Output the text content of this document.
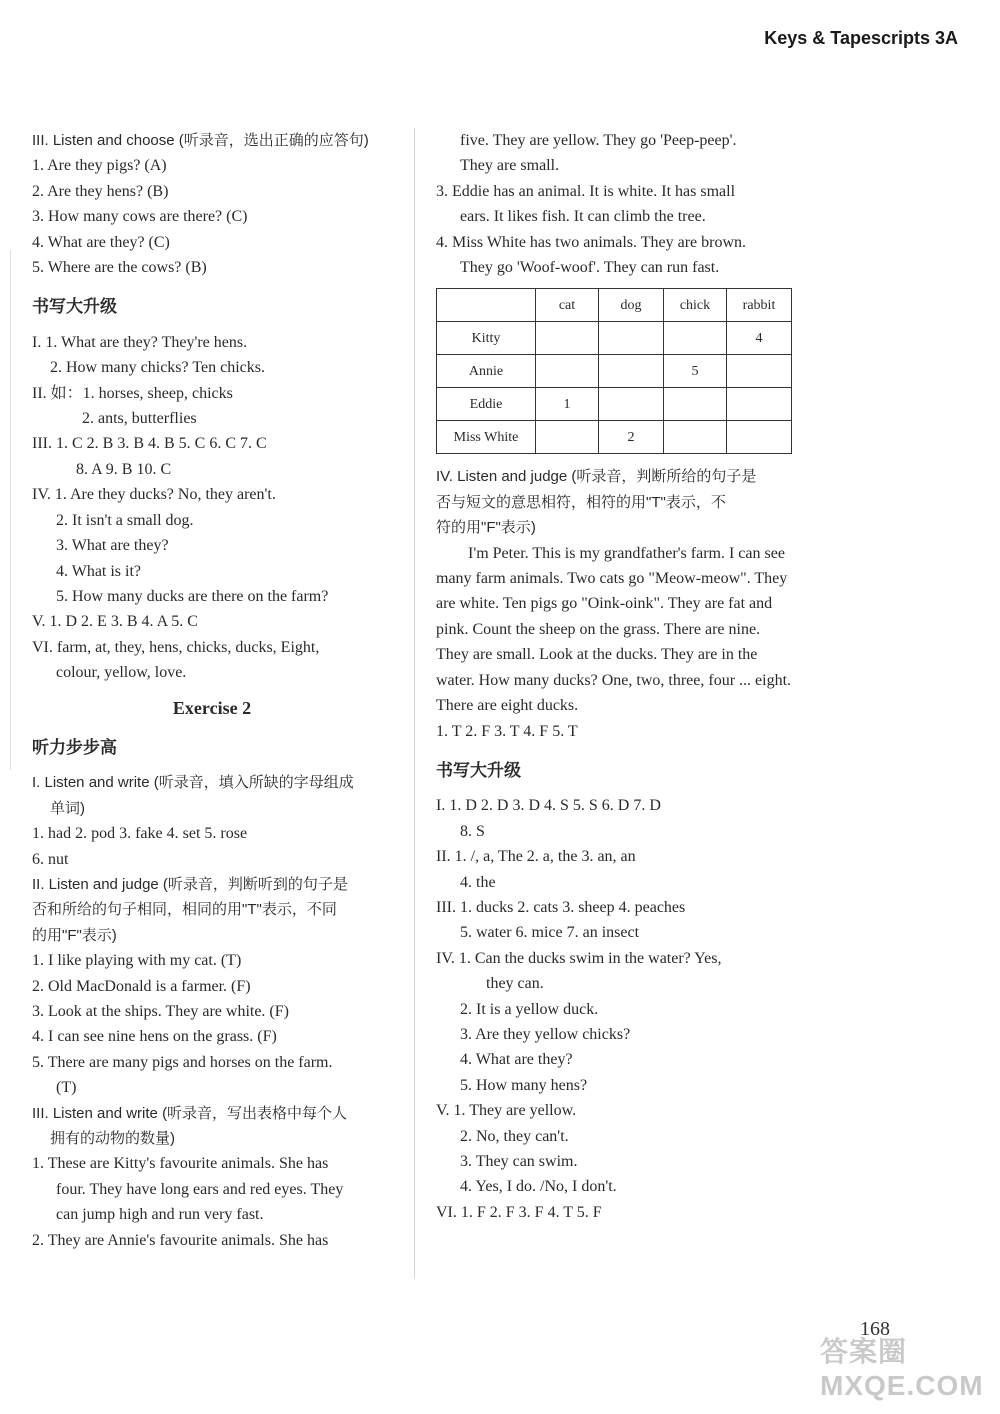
Keys & Tapescripts 3A
III. Listen and choose (听录音，选出正确的应答句)
1. Are they pigs? (A)
2. Are they hens? (B)
3. How many cows are there? (C)
4. What are they? (C)
5. Where are the cows? (B)
书写大升级
I. 1. What are they? They're hens.
2. How many chicks? Ten chicks.
II. 如：1. horses, sheep, chicks
2. ants, butterflies
III. 1. C 2. B 3. B 4. B 5. C 6. C 7. C
8. A 9. B 10. C
IV. 1. Are they ducks? No, they aren't.
2. It isn't a small dog.
3. What are they?
4. What is it?
5. How many ducks are there on the farm?
V. 1. D 2. E 3. B 4. A 5. C
VI. farm, at, they, hens, chicks, ducks, Eight,
colour, yellow, love.
Exercise 2
听力步步高
I. Listen and write (听录音，填入所缺的字母组成
单词)
1. had 2. pod 3. fake 4. set 5. rose
6. nut
II. Listen and judge (听录音，判断听到的句子是
否和所给的句子相同，相同的用"T"表示，不同
的用"F"表示)
1. I like playing with my cat. (T)
2. Old MacDonald is a farmer. (F)
3. Look at the ships. They are white. (F)
4. I can see nine hens on the grass. (F)
5. There are many pigs and horses on the farm.
(T)
III. Listen and write (听录音，写出表格中每个人
拥有的动物的数量)
1. These are Kitty's favourite animals. She has
four. They have long ears and red eyes. They
can jump high and run very fast.
2. They are Annie's favourite animals. She has
five. They are yellow. They go 'Peep-peep'.
They are small.
3. Eddie has an animal. It is white. It has small
ears. It likes fish. It can climb the tree.
4. Miss White has two animals. They are brown.
They go 'Woof-woof'. They can run fast.
	cat	dog	chick	rabbit
Kitty				4
Annie			5	
Eddie	1			
Miss White		2		
IV. Listen and judge (听录音，判断所给的句子是
否与短文的意思相符，相符的用"T"表示，不
符的用"F"表示)
I'm Peter. This is my grandfather's farm. I can see many farm animals. Two cats go "Meow-meow". They are white. Ten pigs go "Oink-oink". They are fat and pink. Count the sheep on the grass. There are nine. They are small. Look at the ducks. They are in the water. How many ducks? One, two, three, four ... eight. There are eight ducks.
1. T 2. F 3. T 4. F 5. T
书写大升级
I. 1. D 2. D 3. D 4. S 5. S 6. D 7. D
8. S
II. 1. /, a, The 2. a, the 3. an, an
4. the
III. 1. ducks 2. cats 3. sheep 4. peaches
5. water 6. mice 7. an insect
IV. 1. Can the ducks swim in the water? Yes,
they can.
2. It is a yellow duck.
3. Are they yellow chicks?
4. What are they?
5. How many hens?
V. 1. They are yellow.
2. No, they can't.
3. They can swim.
4. Yes, I do. /No, I don't.
VI. 1. F 2. F 3. F 4. T 5. F
168
答案圈 MXQE.COM
